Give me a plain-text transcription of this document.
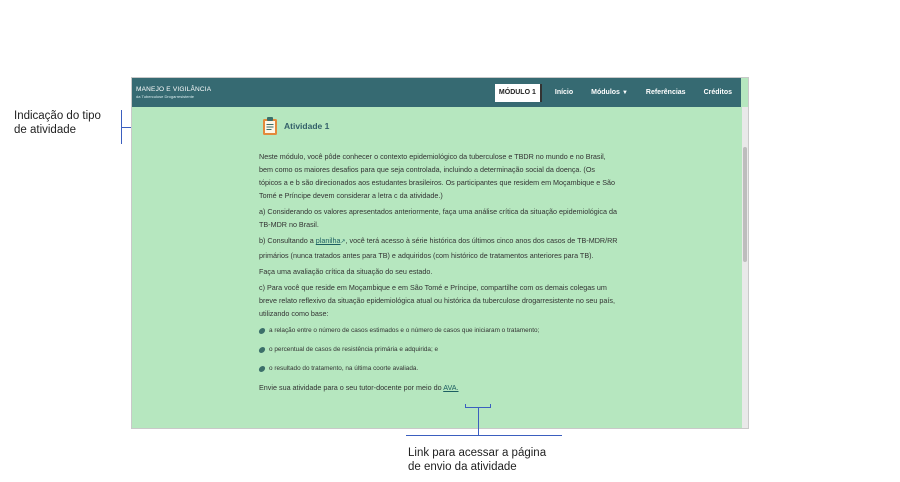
Indicação do tipo
de atividade
MANEJO E VIGILÂNCIA
da Tuberculose Drogarresistente	MÓDULO 1	Início	Módulos ▼	Referências	Créditos
Atividade 1

Neste módulo, você pôde conhecer o contexto epidemiológico da tuberculose e TBDR no mundo e no Brasil, bem como os maiores desafios para que seja controlada, incluindo a determinação social da doença. (Os tópicos a e b são direcionados aos estudantes brasileiros. Os participantes que residem em Moçambique e São Tomé e Príncipe devem considerar a letra c da atividade.)

a) Considerando os valores apresentados anteriormente, faça uma análise crítica da situação epidemiológica da TB-MDR no Brasil.

b) Consultando a planilha↗, você terá acesso à série histórica dos últimos cinco anos dos casos de TB-MDR/RR primários (nunca tratados antes para TB) e adquiridos (com histórico de tratamentos anteriores para TB).

Faça uma avaliação crítica da situação do seu estado.

c) Para você que reside em Moçambique e em São Tomé e Príncipe, compartilhe com os demais colegas um breve relato reflexivo da situação epidemiológica atual ou histórica da tuberculose drogarresistente no seu país, utilizando como base:

a relação entre o número de casos estimados e o número de casos que iniciaram o tratamento;
o percentual de casos de resistência primária e adquirida; e
o resultado do tratamento, na última coorte avaliada.

Envie sua atividade para o seu tutor-docente por meio do AVA.

Link para acessar a página
de envio da atividade
